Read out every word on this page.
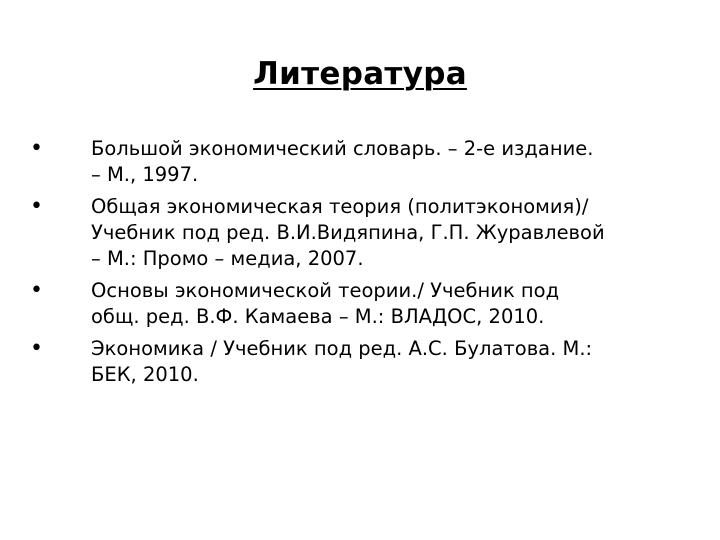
Литература
•	Большой экономический словарь. – 2-е издание.
– М., 1997.
•	Общая экономическая теория (политэкономия)/
Учебник под ред. В.И.Видяпина, Г.П. Журавлевой
– М.: Промо – медиа, 2007.
•	Основы экономической теории./ Учебник под
общ. ред. В.Ф. Камаева – М.: ВЛАДОС, 2010.
•	Экономика / Учебник под ред. А.С. Булатова. М.:
БЕК, 2010.
